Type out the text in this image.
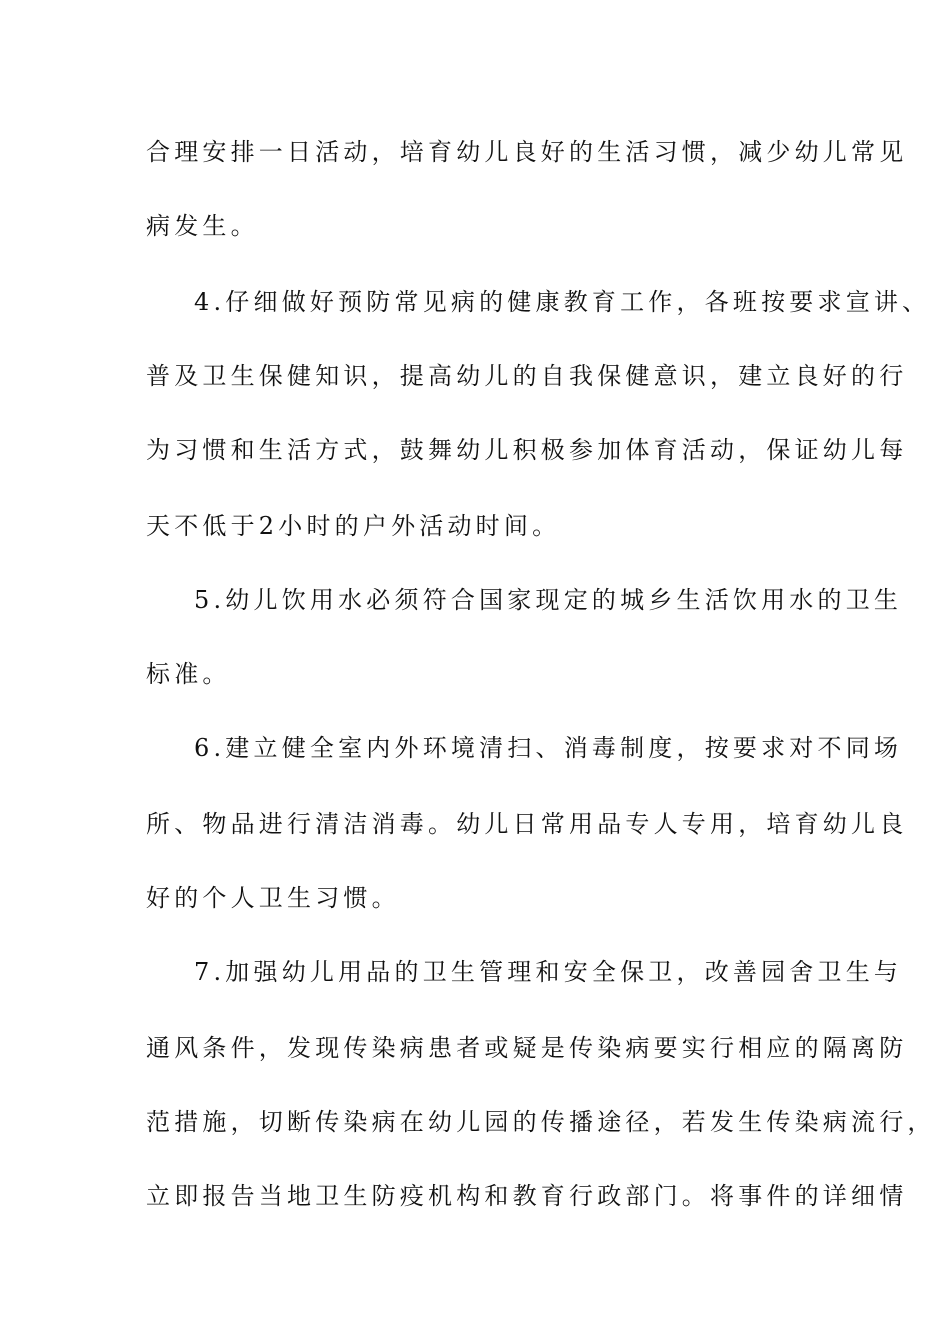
合理安排一日活动，培育幼儿良好的生活习惯，减少幼儿常见
病发生。
4.仔细做好预防常见病的健康教育工作，各班按要求宣讲、
普及卫生保健知识，提高幼儿的自我保健意识，建立良好的行
为习惯和生活方式，鼓舞幼儿积极参加体育活动，保证幼儿每
天不低于2小时的户外活动时间。
5.幼儿饮用水必须符合国家现定的城乡生活饮用水的卫生
标准。
6.建立健全室内外环境清扫、消毒制度，按要求对不同场
所、物品进行清洁消毒。幼儿日常用品专人专用，培育幼儿良
好的个人卫生习惯。
7.加强幼儿用品的卫生管理和安全保卫，改善园舍卫生与
通风条件，发现传染病患者或疑是传染病要实行相应的隔离防
范措施，切断传染病在幼儿园的传播途径，若发生传染病流行，
立即报告当地卫生防疫机构和教育行政部门。将事件的详细情
